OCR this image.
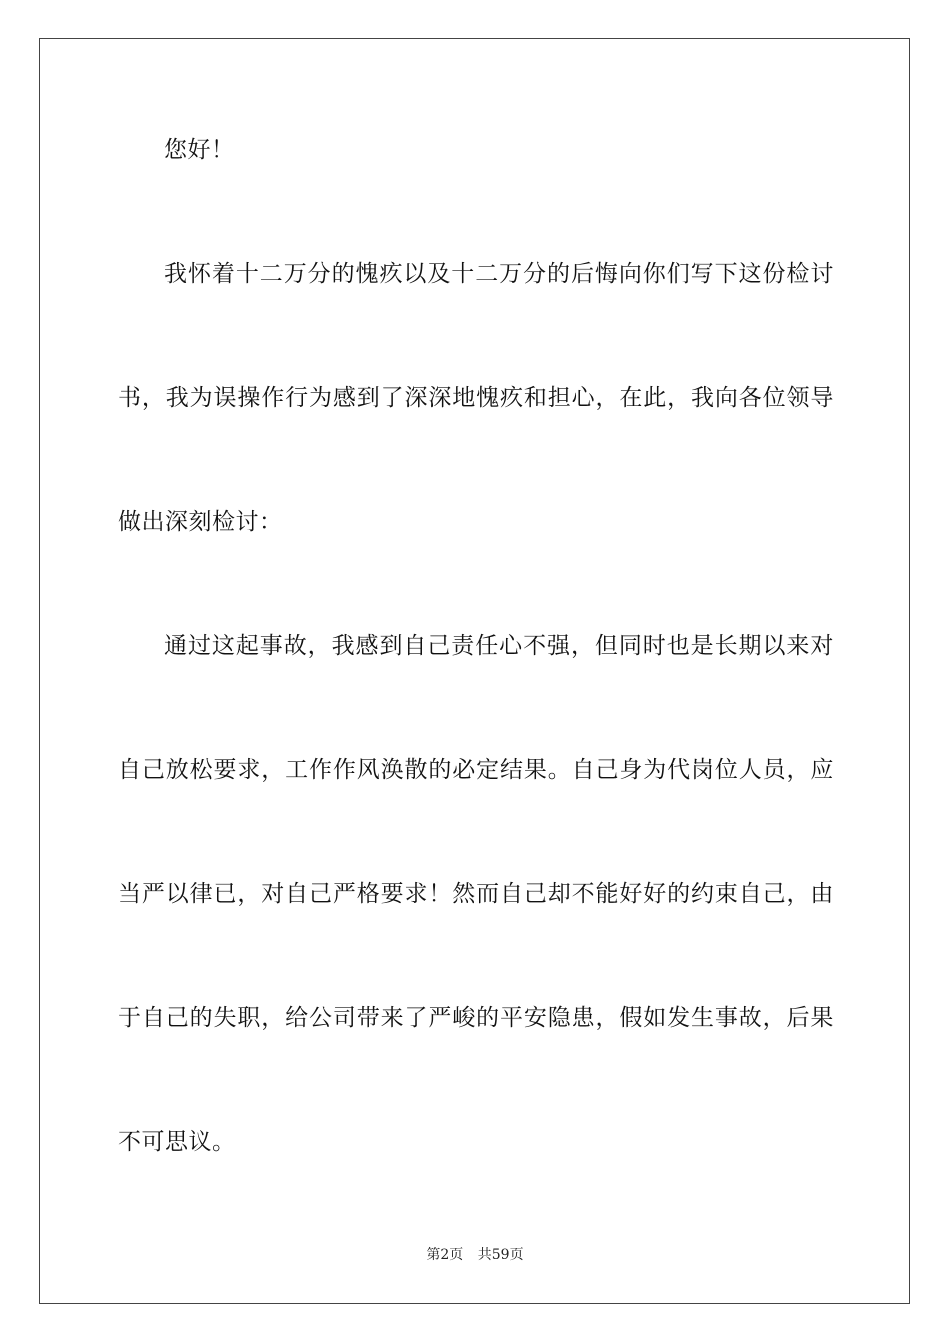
您好！
我 怀 着 十 二 万 分 的 愧 疚 以 及 十 二 万 分 的 后 悔 向 你 们 写 下 这 份 检 讨
书 ， 我 为 误 操 作 行 为 感 到 了 深 深 地 愧 疚 和 担 心 ， 在 此 ， 我 向 各 位 领 导
做出深刻检讨：
通 过 这 起 事 故 ， 我 感 到 自 己 责 任 心 不 强 ， 但 同 时 也 是 长 期 以 来 对
自 己 放 松 要 求 ， 工 作 作 风 涣 散 的 必 定 结 果 。 自 己 身 为 代 岗 位 人 员 ， 应
当 严 以 律 已 ， 对 自 己 严 格 要 求 ！ 然 而 自 己 却 不 能 好 好 的 约 束 自 己 ， 由
于 自 己 的 失 职 ， 给 公 司 带 来 了 严 峻 的 平 安 隐 患 ， 假 如 发 生 事 故 ， 后 果
不可思议。
第2页 共59页
